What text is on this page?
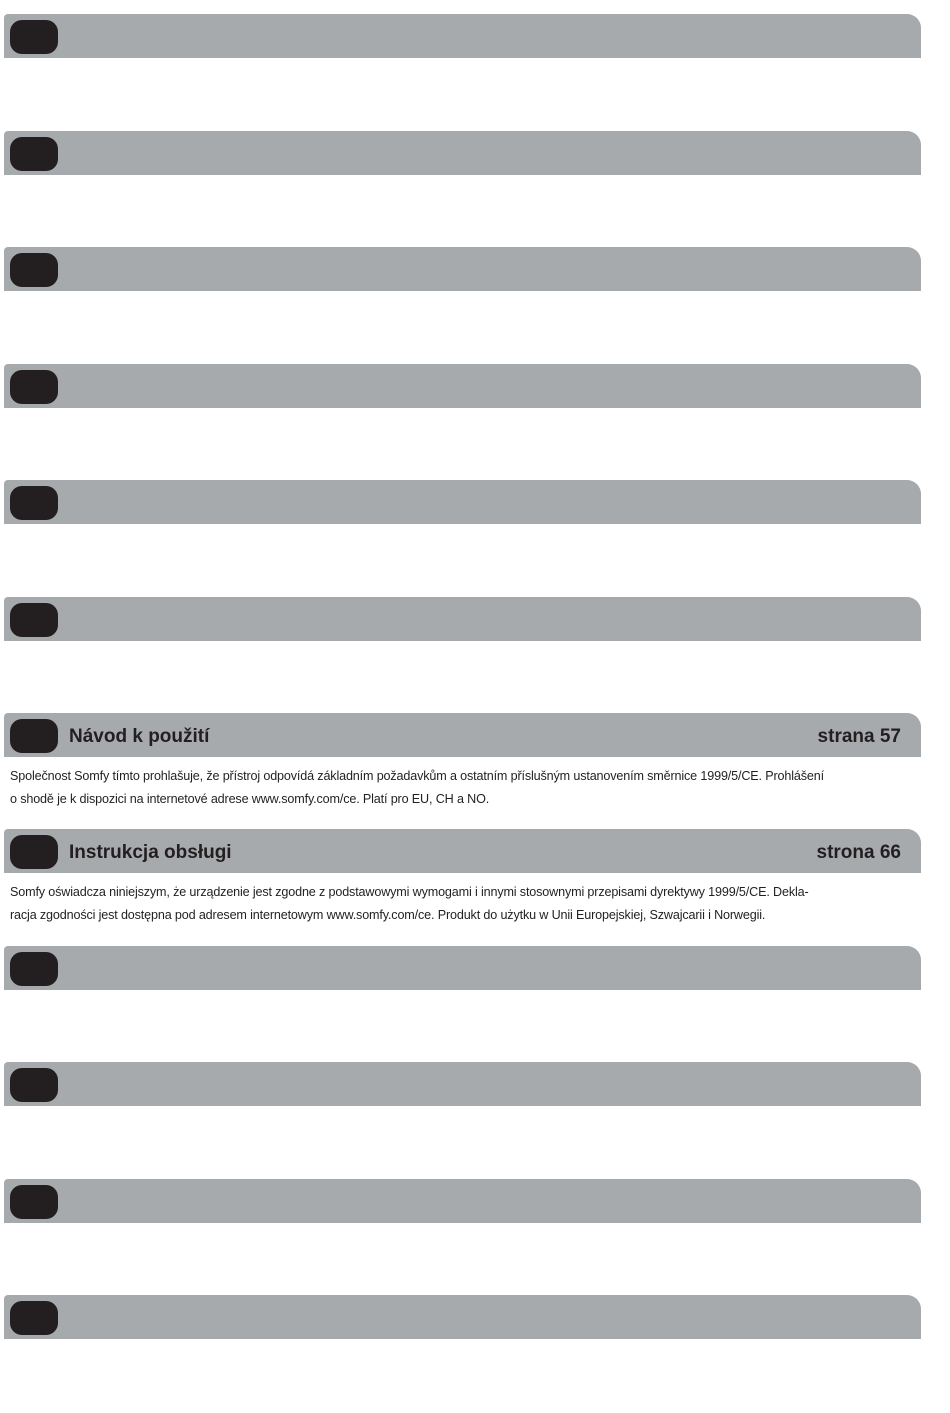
Návod k použití	strana 57

Společnost Somfy tímto prohlašuje, že přístroj odpovídá základním požadavkům a ostatním příslušným ustanovením směrnice 1999/5/CE. Prohlášení

o shodě je k dispozici na internetové adrese www.somfy.com/ce. Platí pro EU, CH a NO.

Instrukcja obsługi	strona 66

Somfy oświadcza niniejszym, że urządzenie jest zgodne z podstawowymi wymogami i innymi stosownymi przepisami dyrektywy 1999/5/CE. Dekla-

racja zgodności jest dostępna pod adresem internetowym www.somfy.com/ce. Produkt do użytku w Unii Europejskiej, Szwajcarii i Norwegii.
